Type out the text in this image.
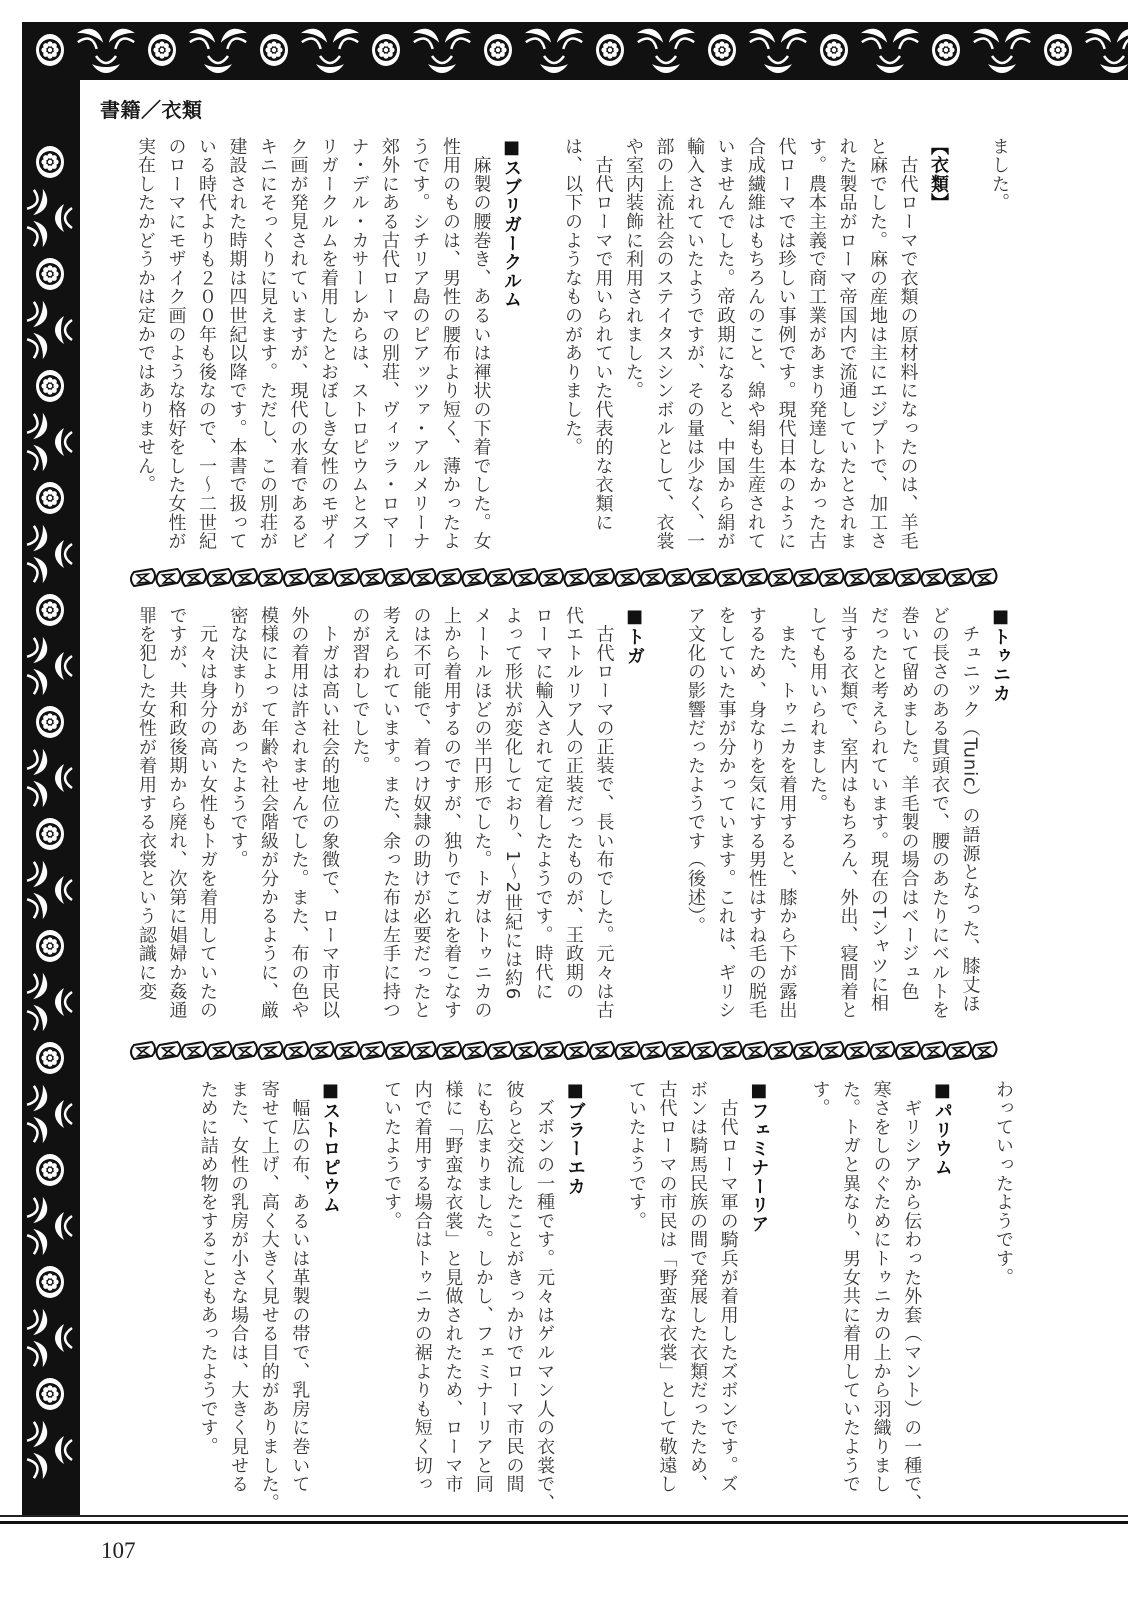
書籍／衣類
ました。
【衣類】
　古代ローマで衣類の原材料になったのは、羊毛
と麻でした。麻の産地は主にエジプトで、加工さ
れた製品がローマ帝国内で流通していたとされま
す。農本主義で商工業があまり発達しなかった古
代ローマでは珍しい事例です。現代日本のように
合成繊維はもちろんのこと、綿や絹も生産されて
いませんでした。帝政期になると、中国から絹が
輸入されていたようですが、その量は少なく、一
部の上流社会のステイタスシンボルとして、衣裳
や室内装飾に利用されました。
　古代ローマで用いられていた代表的な衣類に
は、以下のようなものがありました。
■スブリガークルム
　麻製の腰巻き、あるいは褌状の下着でした。女
性用のものは、男性の腰布より短く、薄かったよ
うです。シチリア島のピアッツァ・アルメリーナ
郊外にある古代ローマの別荘、ヴィッラ・ロマー
ナ・デル・カサーレからは、ストロピウムとスブ
リガークルムを着用したとおぼしき女性のモザイ
ク画が発見されていますが、現代の水着であるビ
キニにそっくりに見えます。ただし、この別荘が
建設された時期は四世紀以降です。本書で扱って
いる時代よりも２００年も後なので、一～二世紀
のローマにモザイク画のような格好をした女性が
実在したかどうかは定かではありません。
■トゥニカ
　チュニック（Tunic）の語源となった、膝丈ほ
どの長さのある貫頭衣で、腰のあたりにベルトを
巻いて留めました。羊毛製の場合はベージュ色
だったと考えられています。現在のTシャツに相
当する衣類で、室内はもちろん、外出、寝間着と
しても用いられました。
　また、トゥニカを着用すると、膝から下が露出
するため、身なりを気にする男性はすね毛の脱毛
をしていた事が分かっています。これは、ギリシ
ア文化の影響だったようです（後述）。
■トガ
　古代ローマの正装で、長い布でした。元々は古
代エトルリア人の正装だったものが、王政期の
ローマに輸入されて定着したようです。時代に
よって形状が変化しており、1～2世紀には約6
メートルほどの半円形でした。トガはトゥニカの
上から着用するのですが、独りでこれを着こなす
のは不可能で、着つけ奴隷の助けが必要だったと
考えられています。また、余った布は左手に持つ
のが習わしでした。
　トガは高い社会的地位の象徴で、ローマ市民以
外の着用は許されませんでした。また、布の色や
模様によって年齢や社会階級が分かるように、厳
密な決まりがあったようです。
　元々は身分の高い女性もトガを着用していたの
ですが、共和政後期から廃れ、次第に娼婦か姦通
罪を犯した女性が着用する衣裳という認識に変
わっていったようです。
■パリウム
　ギリシアから伝わった外套（マント）の一種で、
寒さをしのぐためにトゥニカの上から羽織りまし
た。トガと異なり、男女共に着用していたようで
す。
■フェミナーリア
　古代ローマ軍の騎兵が着用したズボンです。ズ
ボンは騎馬民族の間で発展した衣類だったため、
古代ローマの市民は「野蛮な衣裳」として敬遠し
ていたようです。
■ブラーエカ
　ズボンの一種です。元々はゲルマン人の衣裳で、
彼らと交流したことがきっかけでローマ市民の間
にも広まりました。しかし、フェミナーリアと同
様に「野蛮な衣裳」と見做されたため、ローマ市
内で着用する場合はトゥニカの裾よりも短く切っ
ていたようです。
■ストロピウム
　幅広の布、あるいは革製の帯で、乳房に巻いて
寄せて上げ、高く大きく見せる目的がありました。
また、女性の乳房が小さな場合は、大きく見せる
ために詰め物をすることもあったようです。
107
